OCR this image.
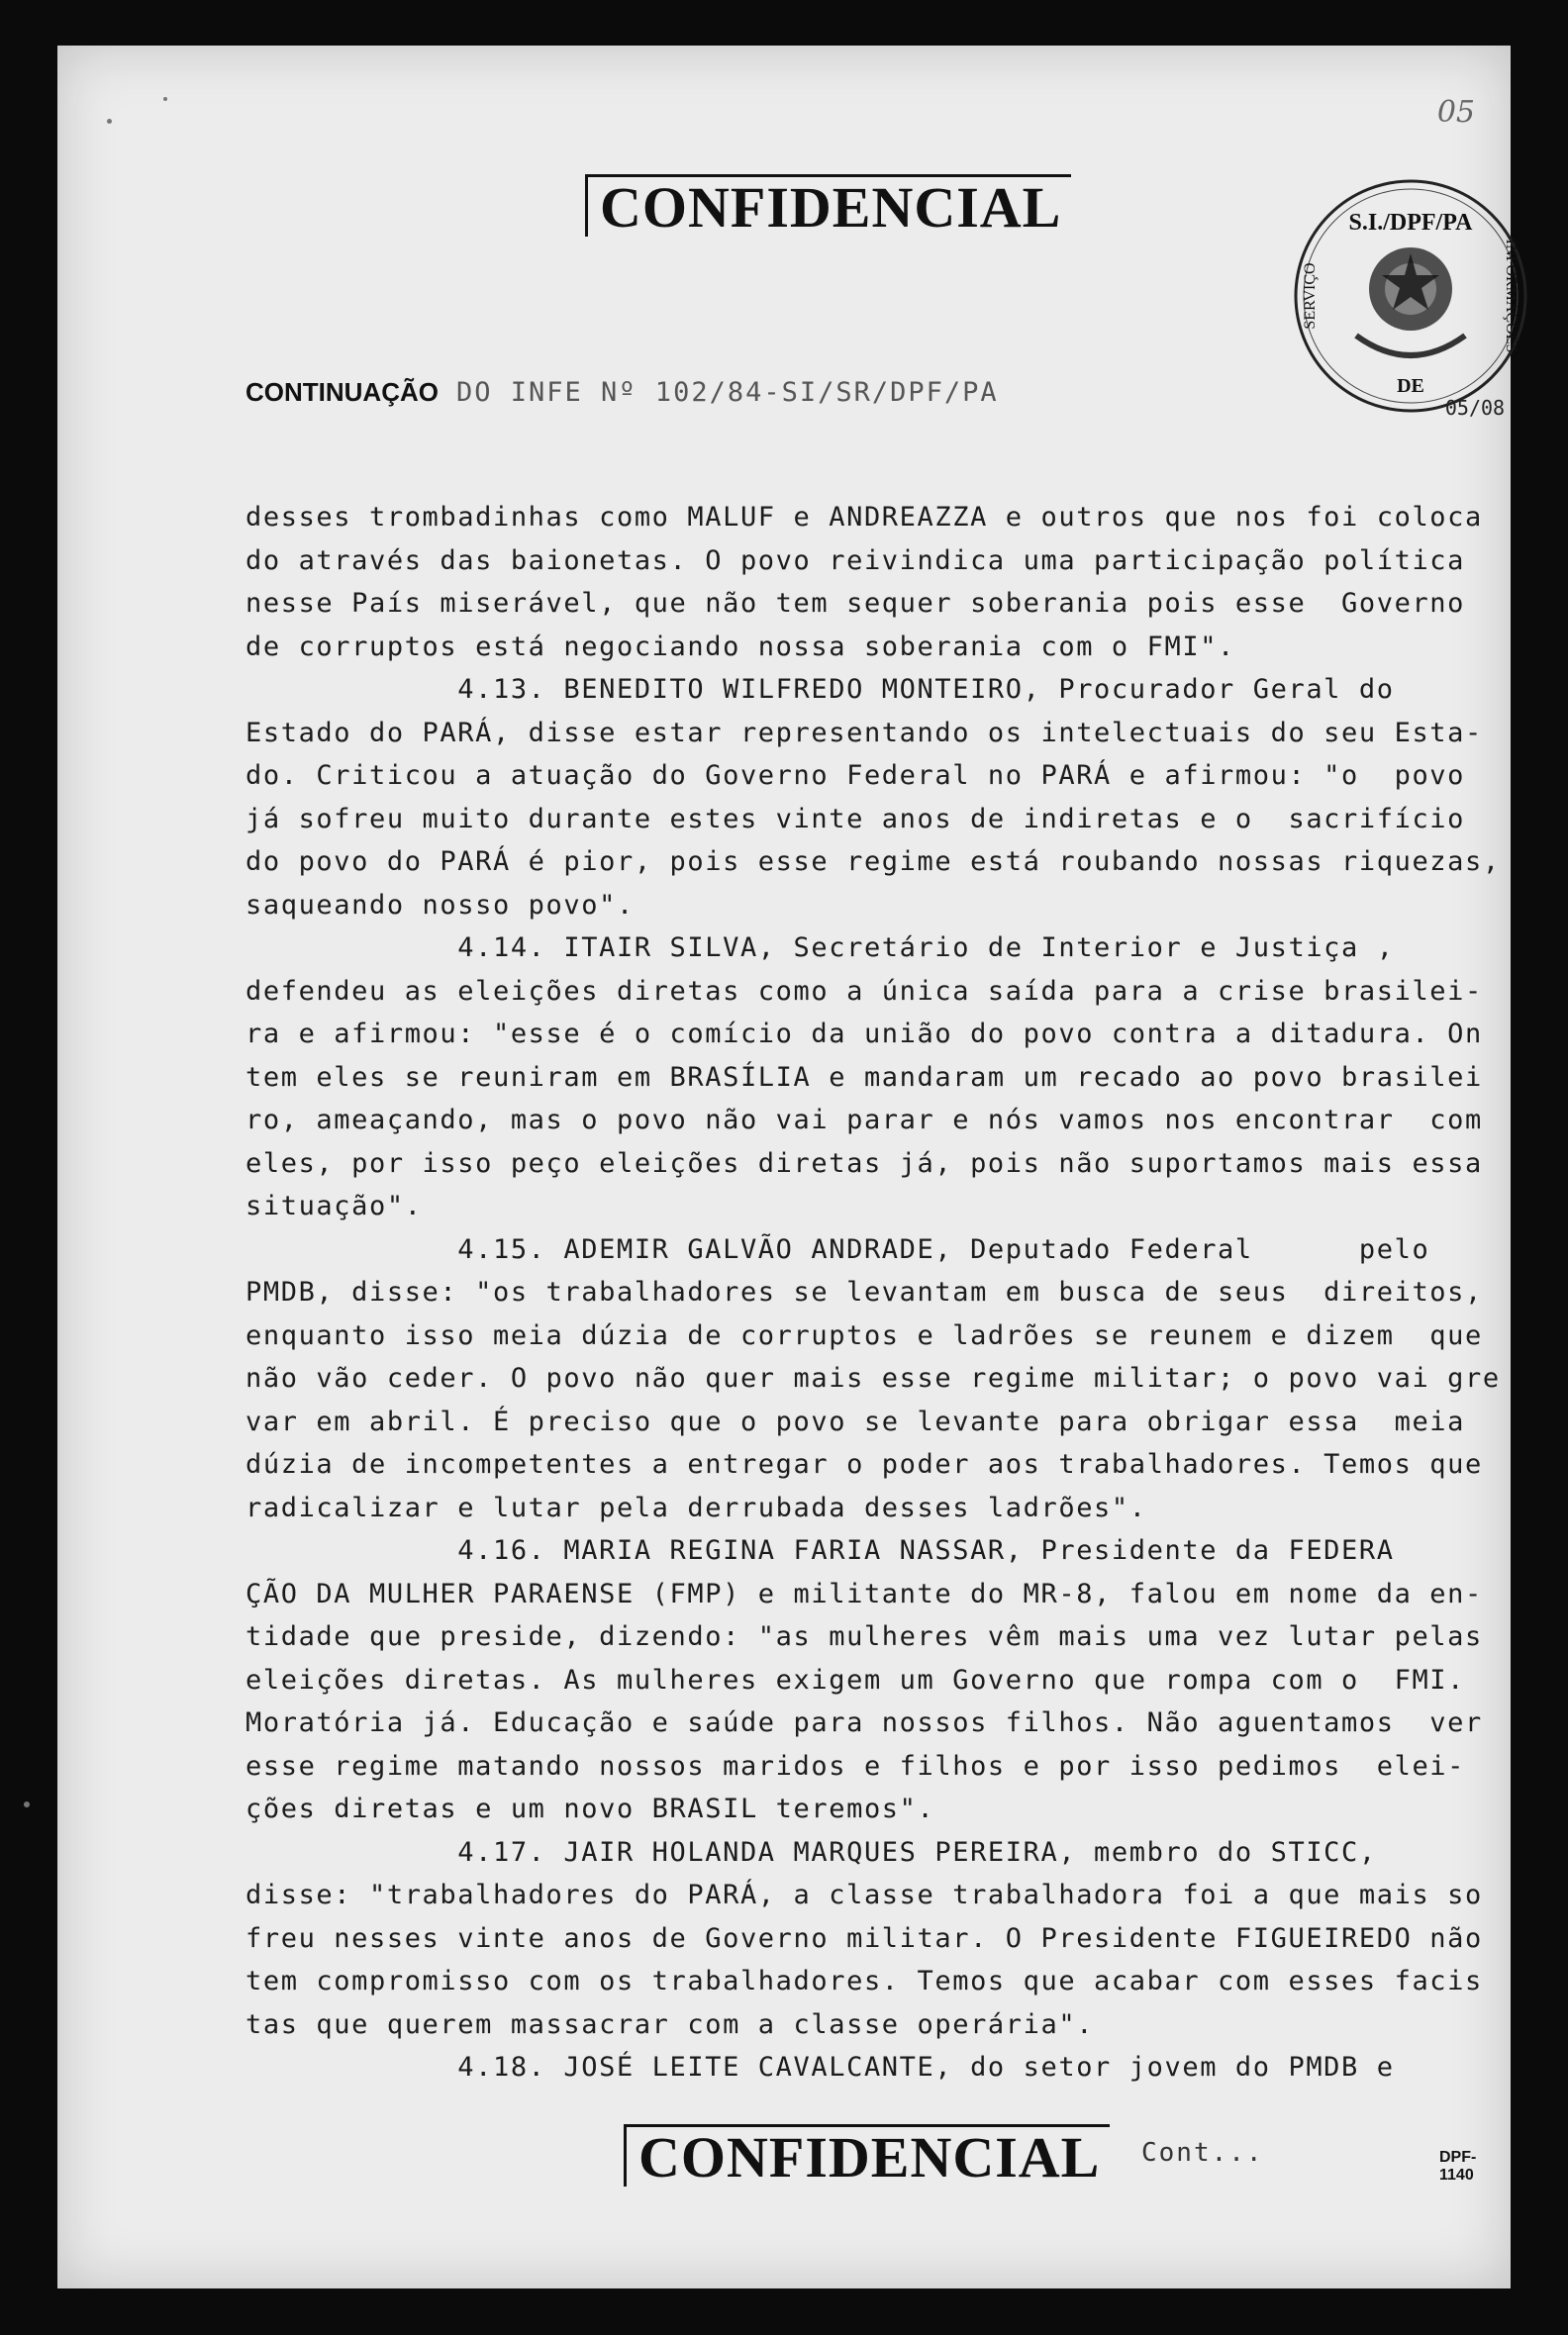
05
CONFIDENCIAL	S.I./DPF/PA
SERVIÇO	INFORMAÇÕES
DE
05/08
CONTINUAÇÃO DO INFE Nº 102/84-SI/SR/DPF/PA
desses trombadinhas como MALUF e ANDREAZZA e outros que nos foi coloca
do através das baionetas. O povo reivindica uma participação política
nesse País miserável, que não tem sequer soberania pois esse  Governo
de corruptos está negociando nossa soberania com o FMI".
4.13. BENEDITO WILFREDO MONTEIRO, Procurador Geral do
Estado do PARÁ, disse estar representando os intelectuais do seu Esta-
do. Criticou a atuação do Governo Federal no PARÁ e afirmou: "o  povo
já sofreu muito durante estes vinte anos de indiretas e o  sacrifício
do povo do PARÁ é pior, pois esse regime está roubando nossas riquezas,
saqueando nosso povo".
4.14. ITAIR SILVA, Secretário de Interior e Justiça ,
defendeu as eleições diretas como a única saída para a crise brasilei-
ra e afirmou: "esse é o comício da união do povo contra a ditadura. On
tem eles se reuniram em BRASÍLIA e mandaram um recado ao povo brasilei
ro, ameaçando, mas o povo não vai parar e nós vamos nos encontrar  com
eles, por isso peço eleições diretas já, pois não suportamos mais essa
situação".
4.15. ADEMIR GALVÃO ANDRADE, Deputado Federal      pelo
PMDB, disse: "os trabalhadores se levantam em busca de seus  direitos,
enquanto isso meia dúzia de corruptos e ladrões se reunem e dizem  que
não vão ceder. O povo não quer mais esse regime militar; o povo vai gre
var em abril. É preciso que o povo se levante para obrigar essa  meia
dúzia de incompetentes a entregar o poder aos trabalhadores. Temos que
radicalizar e lutar pela derrubada desses ladrões".
4.16. MARIA REGINA FARIA NASSAR, Presidente da FEDERA
ÇÃO DA MULHER PARAENSE (FMP) e militante do MR-8, falou em nome da en-
tidade que preside, dizendo: "as mulheres vêm mais uma vez lutar pelas
eleições diretas. As mulheres exigem um Governo que rompa com o  FMI.
Moratória já. Educação e saúde para nossos filhos. Não aguentamos  ver
esse regime matando nossos maridos e filhos e por isso pedimos  elei-
ções diretas e um novo BRASIL teremos".
4.17. JAIR HOLANDA MARQUES PEREIRA, membro do STICC,
disse: "trabalhadores do PARÁ, a classe trabalhadora foi a que mais so
freu nesses vinte anos de Governo militar. O Presidente FIGUEIREDO não
tem compromisso com os trabalhadores. Temos que acabar com esses facis
tas que querem massacrar com a classe operária".
4.18. JOSÉ LEITE CAVALCANTE, do setor jovem do PMDB e
CONFIDENCIAL	Cont...	DPF-1140
